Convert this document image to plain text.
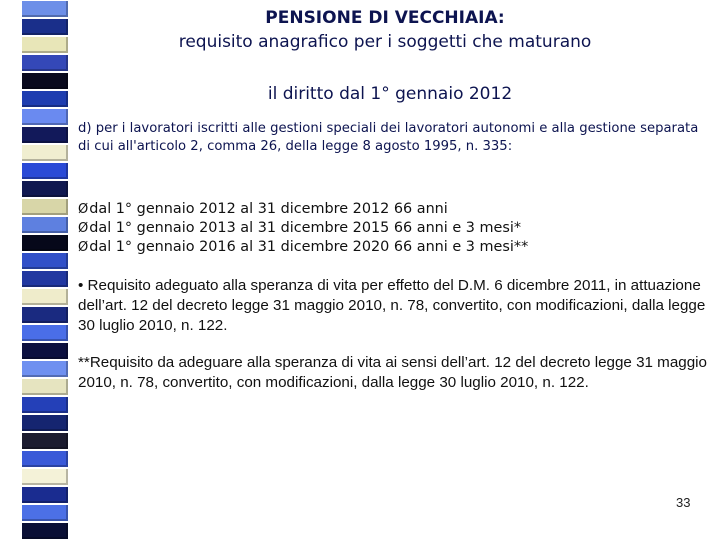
PENSIONE DI VECCHIAIA:
requisito anagrafico per i soggetti che maturano
il diritto dal 1° gennaio 2012
d) per i lavoratori iscritti alle gestioni speciali dei lavoratori autonomi e alla gestione separata di cui all'articolo 2, comma 26, della legge 8 agosto 1995, n. 335:
Ødal 1° gennaio 2012 al 31 dicembre 2012 66 anni
Ødal 1° gennaio 2013 al 31 dicembre 2015 66 anni e 3 mesi*
Ødal 1° gennaio 2016 al 31 dicembre 2020 66 anni e 3 mesi**
• Requisito adeguato alla speranza di vita per effetto del D.M. 6 dicembre 2011, in attuazione dell’art. 12 del decreto legge 31 maggio 2010, n. 78, convertito, con modificazioni, dalla legge 30 luglio 2010, n. 122.
**Requisito da adeguare alla speranza di vita ai sensi dell’art. 12 del decreto legge 31 maggio 2010, n. 78, convertito, con modificazioni, dalla legge 30 luglio 2010, n. 122.
33
